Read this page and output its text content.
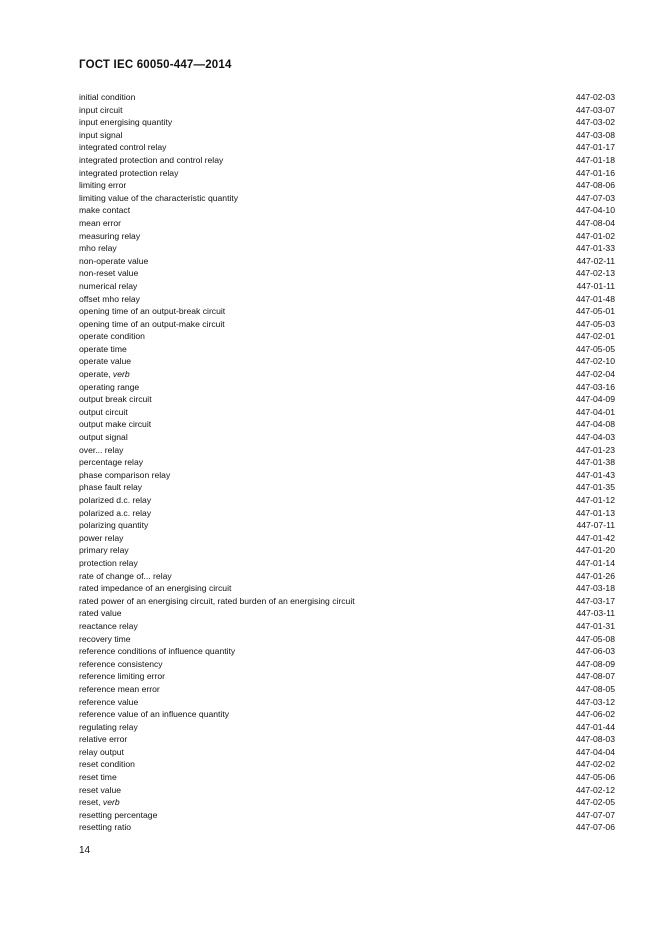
ГОСТ IEC 60050-447—2014
initial condition	447-02-03
input circuit	447-03-07
input energising quantity	447-03-02
input signal	447-03-08
integrated control relay	447-01-17
integrated protection and control relay	447-01-18
integrated protection relay	447-01-16
limiting error	447-08-06
limiting value of the characteristic quantity	447-07-03
make contact	447-04-10
mean error	447-08-04
measuring relay	447-01-02
mho relay	447-01-33
non-operate value	447-02-11
non-reset value	447-02-13
numerical relay	447-01-11
offset mho relay	447-01-48
opening time of an output-break circuit	447-05-01
opening time of an output-make circuit	447-05-03
operate condition	447-02-01
operate time	447-05-05
operate value	447-02-10
operate, verb	447-02-04
operating range	447-03-16
output break circuit	447-04-09
output circuit	447-04-01
output make circuit	447-04-08
output signal	447-04-03
over... relay	447-01-23
percentage relay	447-01-38
phase comparison relay	447-01-43
phase fault relay	447-01-35
polarized d.c. relay	447-01-12
polarized a.c. relay	447-01-13
polarizing quantity	447-07-11
power relay	447-01-42
primary relay	447-01-20
protection relay	447-01-14
rate of change of... relay	447-01-26
rated impedance of an energising circuit	447-03-18
rated power of an energising circuit, rated burden of an energising circuit	447-03-17
rated value	447-03-11
reactance relay	447-01-31
recovery time	447-05-08
reference conditions of influence quantity	447-06-03
reference consistency	447-08-09
reference limiting error	447-08-07
reference mean error	447-08-05
reference value	447-03-12
reference value of an influence quantity	447-06-02
regulating relay	447-01-44
relative error	447-08-03
relay output	447-04-04
reset condition	447-02-02
reset time	447-05-06
reset value	447-02-12
reset, verb	447-02-05
resetting percentage	447-07-07
resetting ratio	447-07-06
14
